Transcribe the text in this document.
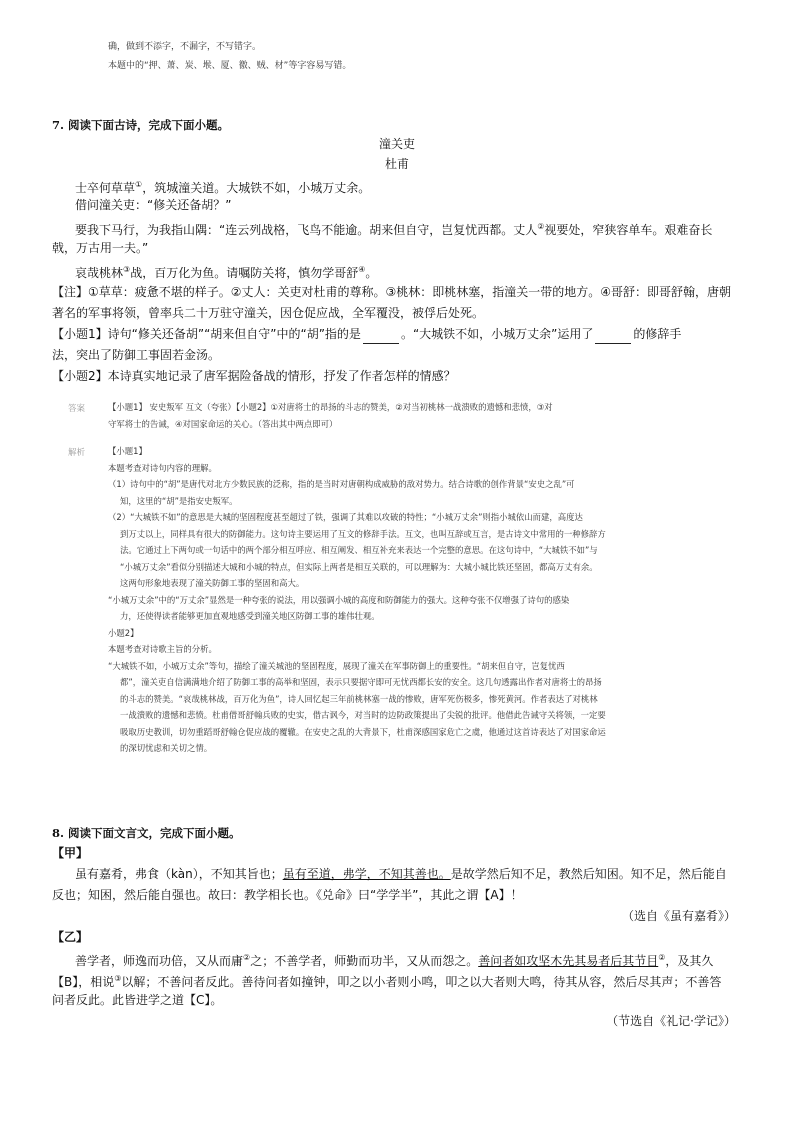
确，做到不添字，不漏字，不写错字。
本题中的“押、萧、炭、堠、厦、徼、贼、材”等字容易写错。
7. 阅读下面古诗，完成下面小题。
潼关吏
杜甫
士卒何草草①，筑城潼关道。大城铁不如，小城万丈余。
借问潼关吏：“修关还备胡？”
要我下马行，为我指山隅：“连云列战格，飞鸟不能逾。胡来但自守，岂复忧西都。丈人②视要处，窄狭容单车。艰难奋长
戟，万古用一夫。”
哀哉桃林③战，百万化为鱼。请嘱防关将，慎勿学哥舒④。
【注】①草草：疲惫不堪的样子。②丈人：关吏对杜甫的尊称。③桃林：即桃林塞，指潼关一带的地方。④哥舒：即哥舒翰，唐朝
著名的军事将领，曾率兵二十万驻守潼关，因仓促应战，全军覆没，被俘后处死。
【小题1】诗句“修关还备胡”“胡来但自守”中的“胡”指的是	。“大城铁不如，小城万丈余”运用了	的修辞手
法，突出了防御工事固若金汤。
【小题2】本诗真实地记录了唐军据险备战的情形，抒发了作者怎样的情感？
答案	【小题1】 安史叛军 互文（夸张）【小题2】①对唐将士的昂扬的斗志的赞美，②对当初桃林一战溃败的遗憾和悲愤，③对
守军将士的告诫，④对国家命运的关心。（答出其中两点即可）
解析	【小题1】
本题考查对诗句内容的理解。
（1）诗句中的“胡”是唐代对北方少数民族的泛称，指的是当时对唐朝构成威胁的敌对势力。结合诗歌的创作背景“安史之乱”可
知，这里的“胡”是指安史叛军。
（2）“大城铁不如”的意思是大城的坚固程度甚至超过了铁，强调了其难以攻破的特性；“小城万丈余”则指小城依山而建，高度达
到万丈以上，同样具有很大的防御能力。这句诗主要运用了互文的修辞手法。互文，也叫互辞或互言，是古诗文中常用的一种修辞方
法。它通过上下两句或一句话中的两个部分相互呼应、相互阐发、相互补充来表达一个完整的意思。在这句诗中，“大城铁不如”与
“小城万丈余”看似分别描述大城和小城的特点，但实际上两者是相互关联的，可以理解为：大城小城比铁还坚固，都高万丈有余。
这两句形象地表现了潼关防御工事的坚固和高大。
“小城万丈余”中的“万丈余”显然是一种夸张的说法，用以强调小城的高度和防御能力的强大。这种夸张不仅增强了诗句的感染
力，还使得读者能够更加直观地感受到潼关地区防御工事的雄伟壮观。
小题2】
本题考查对诗歌主旨的分析。
“大城铁不如，小城万丈余”等句，描绘了潼关城池的坚固程度，展现了潼关在军事防御上的重要性。“胡来但自守，岂复忧西
都”，潼关吏自信满满地介绍了防御工事的高举和坚固，表示只要据守即可无忧西都长安的安全。这几句透露出作者对唐将士的昂扬
的斗志的赞美。“哀哉桃林战，百万化为鱼”，诗人回忆起三年前桃林塞一战的惨败，唐军死伤极多，惨死黄河。作者表达了对桃林
一战溃败的遗憾和悲愤。杜甫借哥舒翰兵败的史实，借古讽今，对当时的边防政策提出了尖锐的批评。他借此告诫守关将领，一定要
吸取历史教训，切勿重蹈哥舒翰仓促应战的覆辙。在安史之乱的大背景下，杜甫深感国家危亡之虞，他通过这首诗表达了对国家命运
的深切忧虑和关切之情。
8. 阅读下面文言文，完成下面小题。
【甲】
虽有嘉肴，弗食（kàn），不知其旨也；虽有至道，弗学，不知其善也。是故学然后知不足，教然后知困。知不足，然后能自
反也；知困，然后能自强也。故曰：教学相长也。《兑命》曰“学学半”，其此之谓【A】！
（选自《虽有嘉肴》）
【乙】
善学者，师逸而功倍，又从而庸②之；不善学者，师勤而功半，又从而怨之。善问者如攻坚木先其易者后其节目②，及其久
【B】，相说③以解；不善问者反此。善待问者如撞钟，叩之以小者则小鸣，叩之以大者则大鸣，待其从容，然后尽其声；不善答
问者反此。此皆进学之道【C】。
（节选自《礼记·学记》）
